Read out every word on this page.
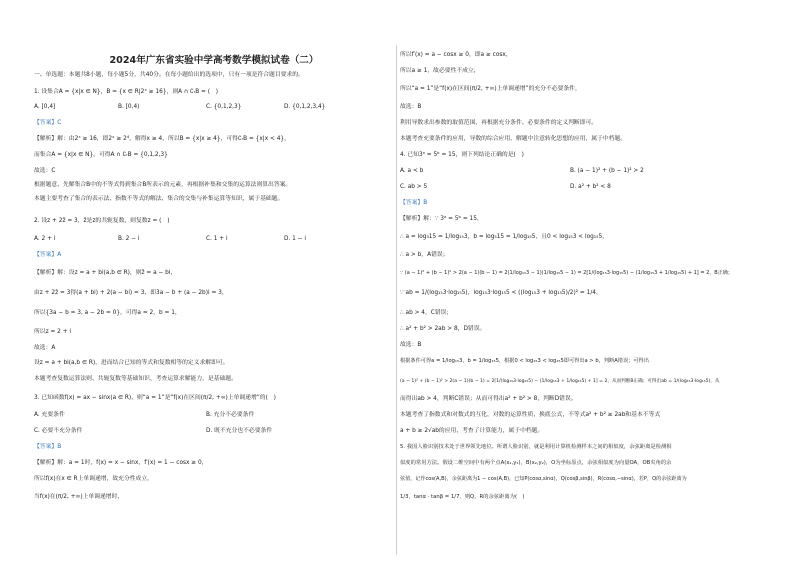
2024年广东省实验中学高考数学模拟试卷（二）
一、单选题：本题共8小题，每小题5分，共40分。在每小题给出的选项中，只有一项是符合题目要求的。
1. 设集合A = {x|x ∈ N}，B = {x ∈ R|2ˣ ≥ 16}，则A ∩ ∁ᵣB = (　)
A. [0,4]	B. [0,4)	C. {0,1,2,3}	D. {0,1,2,3,4}
【答案】C
【解析】解：由2ˣ ≥ 16，即2ˣ ≥ 2⁴，解得x ≥ 4，所以B = {x|x ≥ 4}，可得∁ᵣB = {x|x < 4}，
而集合A = {x|x ∈ N}，可得A ∩ ∁ᵣB = {0,1,2,3}
故选：C
根据题意，先解集合B中的不等式得到集合B所表示的元素，再根据补集和交集的运算法则算出答案。
本题主要考查了集合的表示法、指数不等式的解法、集合的交集与补集运算等知识，属于基础题。
2. 设z + 2z̄ = 3，z̄是z的共轭复数，则复数z = (　)
A. 2 + i	B. 2 − i	C. 1 + i	D. 1 − i
【答案】A
【解析】解：设z = a + bi(a,b ∈ R)，则z̄ = a − bi，
由z + 2z̄ = 3得(a + bi) + 2(a − bi) = 3，即3a − b + (a − 2b)i = 3，
所以{3a − b = 3, a − 2b = 0}，可得a = 2，b = 1，
所以z = 2 + i
故选：A
设z = a + bi(a,b ∈ R)，进而结合已知的等式和复数相等的定义求解即可。
本题考查复数运算法则、共轭复数等基础知识，考查运算求解能力，是基础题。
3. 已知函数f(x) = ax − sinx(a ∈ R)，则“a = 1”是“f(x)在区间(π/2, +∞)上单调递增”的(　)
A. 充要条件	B. 充分不必要条件
C. 必要不充分条件	D. 既不充分也不必要条件
【答案】B
【解析】解：a = 1时，f(x) = x − sinx，f′(x) = 1 − cosx ≥ 0，
所以f(x)在x ∈ R上单调递增，故充分性成立，
当f(x)在(π/2, +∞)上单调递增时，
所以f′(x) = a − cosx ≥ 0，即a ≥ cosx，
所以a ≥ 1，故必要性不成立，
所以“a = 1”是“f(x)在区间(π/2, +∞)上单调递增”的充分不必要条件，
故选：B
利用导数求出参数的取值范围，再根据充分条件、必要条件的定义判断即可。
本题考查充要条件的应用，导数的综合应用，解题中注意转化思想的应用，属于中档题。
4. 已知3ᵃ = 5ᵇ = 15，则下列结论正确的是(　)
A. a < b	B. (a − 1)² + (b − 1)² > 2
C. ab > 5	D. a² + b² < 8
【答案】B
【解析】解：∵ 3ᵃ = 5ᵇ = 15，
∴ a = log₃15 = 1/log₁₅3，b = log₅15 = 1/log₁₅5，且0 < log₁₅3 < log₁₅5，
∴ a > b，A错误；
∵ (a − 1)² + (b − 1)² > 2(a − 1)(b − 1) = 2(1/log₁₅3 − 1)(1/log₁₅5 − 1) = 2[1/(log₁₅3·log₁₅5) − (1/log₁₅3 + 1/log₁₅5) + 1] = 2，B正确；
∵ ab = 1/(log₁₅3·log₁₅5)，log₁₅3·log₁₅5 < ((log₁₅3 + log₁₅5)/2)² = 1/4，
∴ ab > 4，C错误；
∴ a² + b² > 2ab > 8，D错误。
故选：B
根据条件可得a = 1/log₁₅3，b = 1/log₁₅5，根据0 < log₁₅3 < log₁₅5即可得出a > b，判断A错误；可得出
(a − 1)² + (b − 1)² > 2(a − 1)(b − 1) = 2[1/(log₁₅3·log₁₅5) − (1/log₁₅3 + 1/log₁₅5) + 1] = 2，从而判断B正确；可得出ab = 1/(log₁₅3·log₁₅5)，从
而得出ab > 4，判断C错误；从而可得出a² + b² > 8，判断D错误。
本题考查了指数式和对数式的互化，对数的运算性质，换底公式，不等式a² + b² ≥ 2ab和基本不等式
a + b ≥ 2√ab的应用，考查了计算能力，属于中档题。
5. 我国人脸识别技术处于世界领先地位。所谓人脸识别，就是利用计算机检测样本之间的相似度，余弦距离是检测相
似度的常用方法。假设二维空间中有两个点A(x₁,y₁)，B(x₂,y₂)，O为坐标原点，余弦相似度为向量OA，OB夹角的余
弦值，记作cos(A,B)，余弦距离为1 − cos(A,B)。已知P(cosα,sinα)，Q(cosβ,sinβ)，R(cosα,−sinα)，若P，Q的余弦距离为
1/3，tanα · tanβ = 1/7，则Q，R的余弦距离为(　)
